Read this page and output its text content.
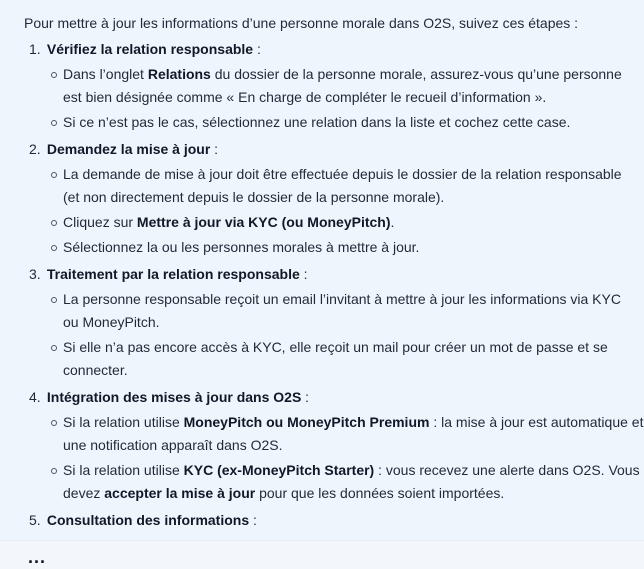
Pour mettre à jour les informations d’une personne morale dans O2S, suivez ces étapes :

1. Vérifiez la relation responsable :
Dans l’onglet Relations du dossier de la personne morale, assurez-vous qu’une personne
est bien désignée comme « En charge de compléter le recueil d’information ».
Si ce n’est pas le cas, sélectionnez une relation dans la liste et cochez cette case.
2. Demandez la mise à jour :
La demande de mise à jour doit être effectuée depuis le dossier de la relation responsable
(et non directement depuis le dossier de la personne morale).
Cliquez sur Mettre à jour via KYC (ou MoneyPitch).
Sélectionnez la ou les personnes morales à mettre à jour.
3. Traitement par la relation responsable :
La personne responsable reçoit un email l’invitant à mettre à jour les informations via KYC
ou MoneyPitch.
Si elle n’a pas encore accès à KYC, elle reçoit un mail pour créer un mot de passe et se
connecter.
4. Intégration des mises à jour dans O2S :
Si la relation utilise MoneyPitch ou MoneyPitch Premium : la mise à jour est automatique et
une notification apparaît dans O2S.
Si la relation utilise KYC (ex-MoneyPitch Starter) : vous recevez une alerte dans O2S. Vous
devez accepter la mise à jour pour que les données soient importées.
5. Consultation des informations :
...
